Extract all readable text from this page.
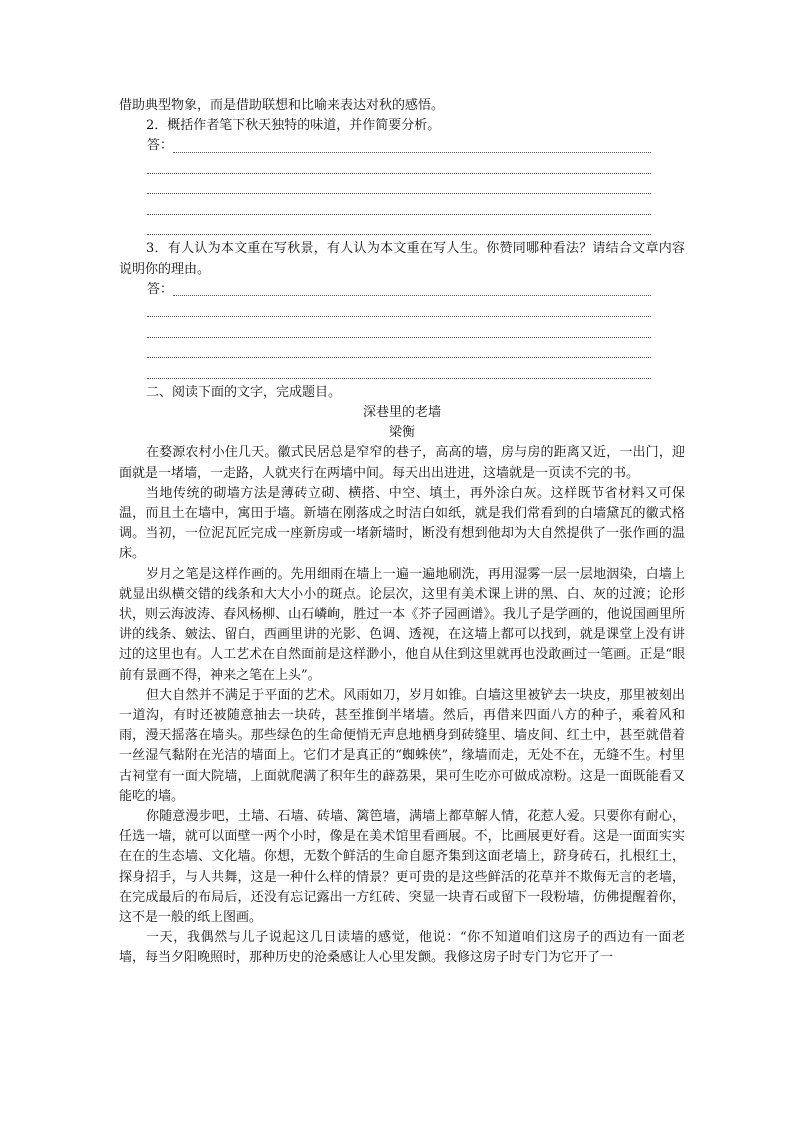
借助典型物象，而是借助联想和比喻来表达对秋的感悟。

2．概括作者笔下秋天独特的味道，并作简要分析。

答：

3．有人认为本文重在写秋景，有人认为本文重在写人生。你赞同哪种看法？请结合文章内容说明你的理由。

答：

二、阅读下面的文字，完成题目。

深巷里的老墙

梁衡

在婺源农村小住几天。徽式民居总是窄窄的巷子，高高的墙，房与房的距离又近，一出门，迎面就是一堵墙，一走路，人就夹行在两墙中间。每天出出进进，这墙就是一页读不完的书。

当地传统的砌墙方法是薄砖立砌、横搭、中空、填土，再外涂白灰。这样既节省材料又可保温，而且土在墙中，寓田于墙。新墙在刚落成之时洁白如纸，就是我们常看到的白墙黛瓦的徽式格调。当初，一位泥瓦匠完成一座新房或一堵新墙时，断没有想到他却为大自然提供了一张作画的温床。

岁月之笔是这样作画的。先用细雨在墙上一遍一遍地刷洗，再用湿雾一层一层地洇染，白墙上就显出纵横交错的线条和大大小小的斑点。论层次，这里有美术课上讲的黑、白、灰的过渡；论形状，则云海波涛、春风杨柳、山石嶙峋，胜过一本《芥子园画谱》。我儿子是学画的，他说国画里所讲的线条、皴法、留白，西画里讲的光影、色调、透视，在这墙上都可以找到，就是课堂上没有讲过的这里也有。人工艺术在自然面前是这样渺小，他自从住到这里就再也没敢画过一笔画。正是“眼前有景画不得，神来之笔在上头”。

但大自然并不满足于平面的艺术。风雨如刀，岁月如锥。白墙这里被铲去一块皮，那里被刻出一道沟，有时还被随意抽去一块砖，甚至推倒半堵墙。然后，再借来四面八方的种子，乘着风和雨，漫天摇落在墙头。那些绿色的生命便悄无声息地栖身到砖缝里、墙皮间、红土中，甚至就借着一丝湿气黏附在光洁的墙面上。它们才是真正的“蜘蛛侠”，缘墙而走，无处不在，无缝不生。村里古祠堂有一面大院墙，上面就爬满了积年生的薜荔果，果可生吃亦可做成凉粉。这是一面既能看又能吃的墙。

你随意漫步吧，土墙、石墙、砖墙、篱笆墙，满墙上都草解人情，花惹人爱。只要你有耐心，任选一墙，就可以面壁一两个小时，像是在美术馆里看画展。不，比画展更好看。这是一面面实实在在的生态墙、文化墙。你想，无数个鲜活的生命自愿齐集到这面老墙上，跻身砖石，扎根红土，探身招手，与人共舞，这是一种什么样的情景？更可贵的是这些鲜活的花草并不欺侮无言的老墙，在完成最后的布局后，还没有忘记露出一方红砖、突显一块青石或留下一段粉墙，仿佛提醒着你，这不是一般的纸上图画。

一天，我偶然与儿子说起这几日读墙的感觉，他说：“你不知道咱们这房子的西边有一面老墙，每当夕阳晚照时，那种历史的沧桑感让人心里发颤。我修这房子时专门为它开了一
